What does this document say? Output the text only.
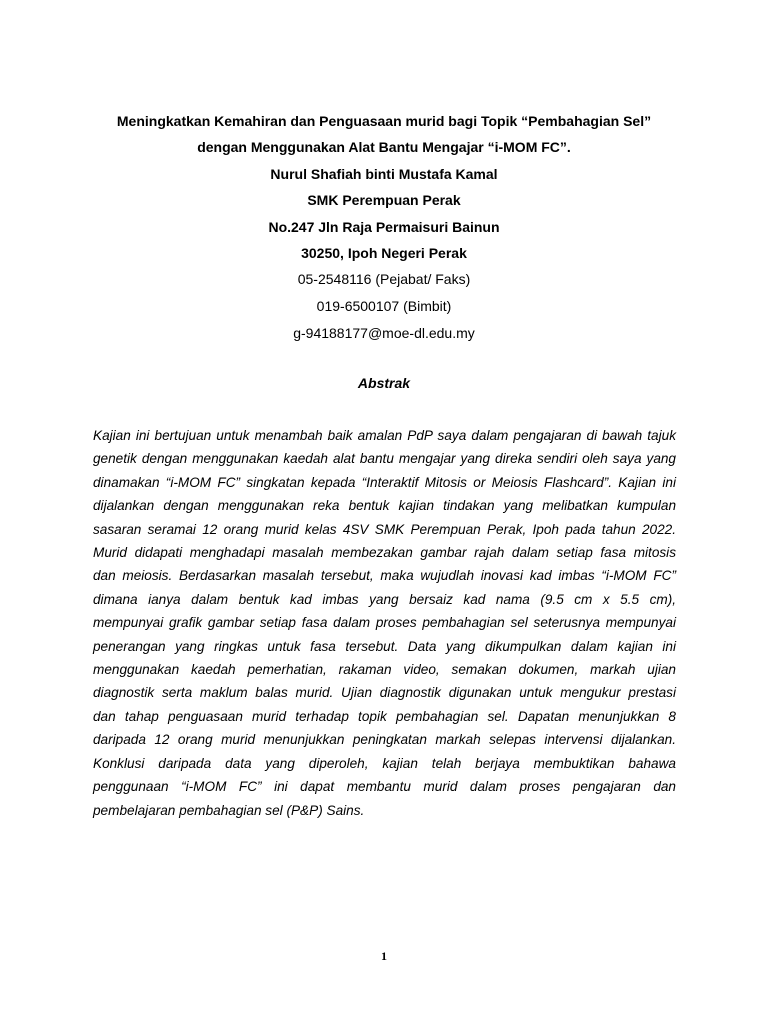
Meningkatkan Kemahiran dan Penguasaan murid bagi Topik “Pembahagian Sel”
dengan Menggunakan Alat Bantu Mengajar “i-MOM FC”.
Nurul Shafiah binti Mustafa Kamal
SMK Perempuan Perak
No.247 Jln Raja Permaisuri Bainun
30250, Ipoh Negeri Perak
05-2548116 (Pejabat/ Faks)
019-6500107 (Bimbit)
g-94188177@moe-dl.edu.my
Abstrak

Kajian ini bertujuan untuk menambah baik amalan PdP saya dalam pengajaran di bawah tajuk
genetik dengan menggunakan kaedah alat bantu mengajar yang direka sendiri oleh saya yang
dinamakan “i-MOM FC” singkatan kepada “Interaktif Mitosis or Meiosis Flashcard”. Kajian ini
dijalankan dengan menggunakan reka bentuk kajian tindakan yang melibatkan kumpulan
sasaran seramai 12 orang murid kelas 4SV SMK Perempuan Perak, Ipoh pada tahun 2022.
Murid didapati menghadapi masalah membezakan gambar rajah dalam setiap fasa mitosis
dan meiosis. Berdasarkan masalah tersebut, maka wujudlah inovasi kad imbas “i-MOM FC”
dimana ianya dalam bentuk kad imbas yang bersaiz kad nama (9.5 cm x 5.5 cm),
mempunyai grafik gambar setiap fasa dalam proses pembahagian sel seterusnya mempunyai
penerangan yang ringkas untuk fasa tersebut. Data yang dikumpulkan dalam kajian ini
menggunakan kaedah pemerhatian, rakaman video, semakan dokumen, markah ujian
diagnostik serta maklum balas murid. Ujian diagnostik digunakan untuk mengukur prestasi
dan tahap penguasaan murid terhadap topik pembahagian sel. Dapatan menunjukkan 8
daripada 12 orang murid menunjukkan peningkatan markah selepas intervensi dijalankan.
Konklusi daripada data yang diperoleh, kajian telah berjaya membuktikan bahawa
penggunaan “i-MOM FC” ini dapat membantu murid dalam proses pengajaran dan
pembelajaran pembahagian sel (P&P) Sains.

1
